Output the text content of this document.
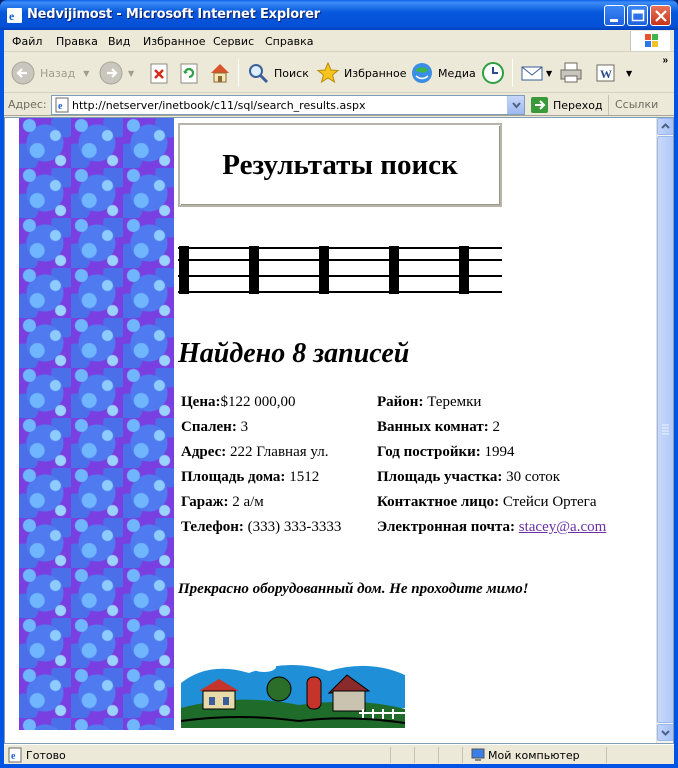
e Nedvijimost - Microsoft Internet Explorer
Файл Правка Вид Избранное Сервис Справка
Назад ▼	▼	Поиск	Избранное	Медиа	▼	W ▼
»
Адрес: e http://netserver/inetbook/c11/sql/search_results.aspx	Переход	Ссылки
Результаты поиск
Найдено 8 записей
Цена:$122 000,00	Район: Теремки
Спален: 3	Ванных комнат: 2
Адрес: 222 Главная ул.	Год постройки: 1994
Площадь дома: 1512	Площадь участка: 30 соток
Гараж: 2 а/м	Контактное лицо: Стейси Ортега
Телефон: (333) 333-3333 Электронная почта: stacey@a.com
Прекрасно оборудованный дом. Не проходите мимо!
e Готово	Мой компьютер
